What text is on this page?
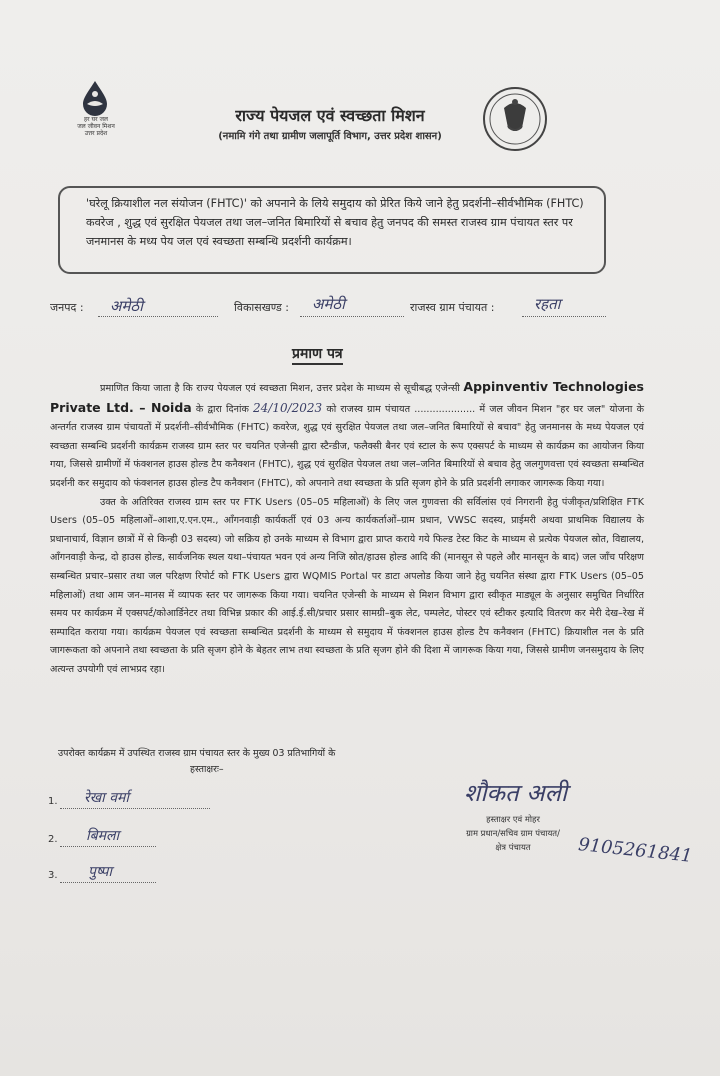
हर घर जल
जल जीवन मिशन
उत्तर प्रदेश
राज्य पेयजल एवं स्वच्छता मिशन
(नमामि गंगे तथा ग्रामीण जलापूर्ति विभाग, उत्तर प्रदेश शासन)

'घरेलू क्रियाशील नल संयोजन (FHTC)' को अपनाने के लिये समुदाय को प्रेरित किये जाने हेतु प्रदर्शनी–सीर्वभौमिक (FHTC) कवरेज , शुद्ध एवं सुरक्षित पेयजल तथा जल–जनित बिमारियों से बचाव हेतु जनपद की समस्त राजस्व ग्राम पंचायत स्तर पर जनमानस के मध्य पेय जल एवं स्वच्छता सम्बन्धि प्रदर्शनी कार्यक्रम।

जनपद : अमेठी	विकासखण्ड : अमेठी	राजस्व ग्राम पंचायत :	रहता
प्रमाण पत्र

प्रमाणित किया जाता है कि राज्य पेयजल एवं स्वच्छता मिशन, उत्तर प्रदेश के माध्यम से सूचीबद्ध एजेन्सी Appinventiv Technologies Private Ltd. – Noida के द्वारा दिनांक 24/10/2023 को राजस्व ग्राम पंचायत .................... में जल जीवन मिशन "हर घर जल" योजना के अन्तर्गत राजस्व ग्राम पंचायतों में प्रदर्शनी–सीर्वभौमिक (FHTC) कवरेज, शुद्ध एवं सुरक्षित पेयजल तथा जल–जनित बिमारियों से बचाव" हेतु जनमानस के मध्य पेयजल एवं स्वच्छता सम्बन्धि प्रदर्शनी कार्यक्रम राजस्व ग्राम स्तर पर चयनित एजेन्सी द्वारा स्टैन्डीज, फलैक्सी बैनर एवं स्टाल के रूप एक्सपर्ट के माध्यम से कार्यक्रम का आयोजन किया गया, जिससे ग्रामीणों में फंक्शनल हाउस होल्ड टैप कनैक्शन (FHTC), शुद्ध एवं सुरक्षित पेयजल तथा जल–जनित बिमारियों से बचाव हेतु जलगुणवत्ता एवं स्वच्छता सम्बन्धित प्रदर्शनी कर समुदाय को फंक्शनल हाउस होल्ड टैप कनैक्शन (FHTC), को अपनाने तथा स्वच्छता के प्रति सृजग होने के प्रति प्रदर्शनी लगाकर जागरूक किया गया।

उक्त के अतिरिक्त राजस्व ग्राम स्तर पर FTK Users (05–05 महिलाओं) के लिए जल गुणवत्ता की सर्विलांस एवं निगरानी हेतु पंजीकृत/प्रशिक्षित FTK Users (05–05 महिलाओं–आशा,ए.एन.एम., आँगनवाड़ी कार्यकर्ती एवं 03 अन्य कार्यकर्ताओं–ग्राम प्रधान, VWSC सदस्य, प्राईमरी अथवा प्राथमिक विद्यालय के प्रधानाचार्य, विज्ञान छात्रों में से किन्ही 03 सदस्य) जो सक्रिय हो उनके माध्यम से विभाग द्वारा प्राप्त कराये गये फिल्ड टेस्ट किट के माध्यम से प्रत्येक पेयजल स्रोत, विद्यालय, आँगनवाड़ी केन्द्र, दो हाउस होल्ड, सार्वजनिक स्थल यथा–पंचायत भवन एवं अन्य निजि स्रोत/हाउस होल्ड आदि की (मानसून से पहले और मानसून के बाद) जल जाँच परिक्षण सम्बन्धित प्रचार–प्रसार तथा जल परिक्षण रिपोर्ट को FTK Users द्वारा WQMIS Portal पर डाटा अपलोड किया जाने हेतु चयनित संस्था द्वारा FTK Users (05–05 महिलाओं) तथा आम जन–मानस में व्यापक स्तर पर जागरूक किया गया। चयनित एजेन्सी के माध्यम से मिशन विभाग द्वारा स्वीकृत माड्यूल के अनुसार समुचित निर्धारित समय पर कार्यक्रम में एक्सपर्ट/कोआर्डिनेटर तथा विभिन्न प्रकार की आई.ई.सी/प्रचार प्रसार सामग्री–बुक लेट, पम्पलेट, पोस्टर एवं स्टीकर इत्यादि वितरण कर मेरी देख–रेख में सम्पादित कराया गया। कार्यक्रम पेयजल एवं स्वच्छता सम्बन्धित प्रदर्शनी के माध्यम से समुदाय में फंक्शनल हाउस होल्ड टैप कनैक्शन (FHTC) क्रियाशील नल के प्रति जागरूकता को अपनाने तथा स्वच्छता के प्रति सृजग होने के बेहतर लाभ तथा स्वच्छता के प्रति सृजग होने की दिशा में जागरूक किया गया, जिससे ग्रामीण जनसमुदाय के लिए अत्यन्त उपयोगी एवं लाभप्रद रहा।

उपरोक्त कार्यक्रम में उपस्थित राजस्व ग्राम पंचायत स्तर के मुख्य 03 प्रतिभागियों के
हस्ताक्षरः–
1. रेखा वर्मा
2. बिमला
3. पुष्पा
शौकत अली
9105261841
हस्ताक्षर एवं मोहर
ग्राम प्रधान/सचिव ग्राम पंचायत/
क्षेत्र पंचायत
